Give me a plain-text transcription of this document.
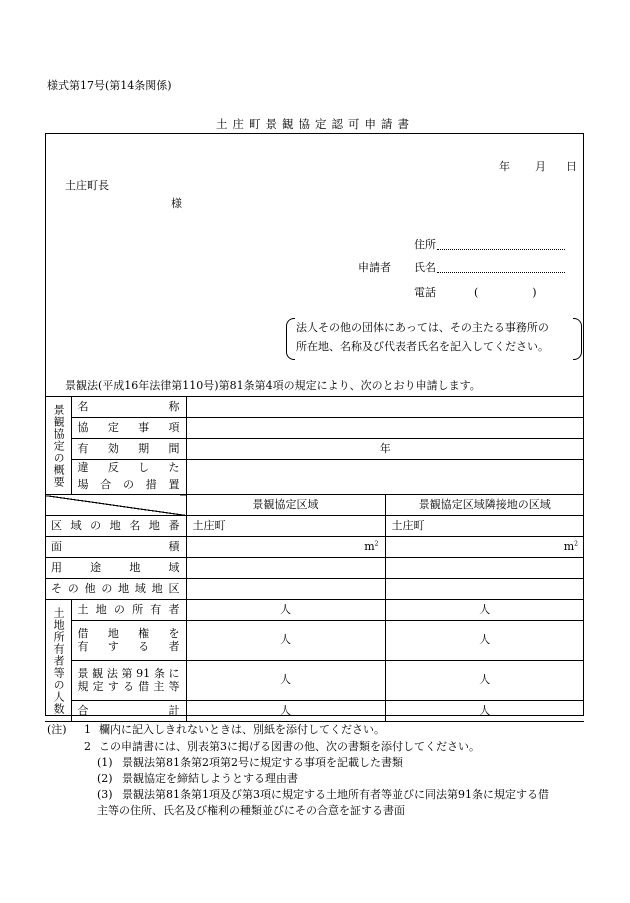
様式第17号(第14条関係)
土庄町景観協定認可申請書
年 月 日
土庄町長
様
住所
申請者 氏名
電話	(　　　　)
法人その他の団体にあっては、その主たる事務所の
所在地、名称及び代表者氏名を記入してください。
景観法(平成16年法律第110号)第81条第4項の規定により、次のとおり申請します。
景観協定の概要	名称		
	協定事項		
	有効期間	年	
	違反した		
	場合の措置		
		景観協定区域	景観協定区域隣接地の区域
区域の地名地番		土庄町	土庄町
面積		$m^2$	$m^2$
用途地域			
その他の地域地区			
土地所有者等の人数	土地の所有者	人	人

	借地権を
有する者	人	人

	景観法第91条に
規定する借主等	人	人
	合計	人	人
(注) 1 欄内に記入しきれないときは、別紙を添付してください。
2 この申請書には、別表第3に掲げる図書の他、次の書類を添付してください。
(1) 景観法第81条第2項第2号に規定する事項を記載した書類
(2) 景観協定を締結しようとする理由書
(3) 景観法第81条第1項及び第3項に規定する土地所有者等並びに同法第91条に規定する借
主等の住所、氏名及び権利の種類並びにその合意を証する書面
